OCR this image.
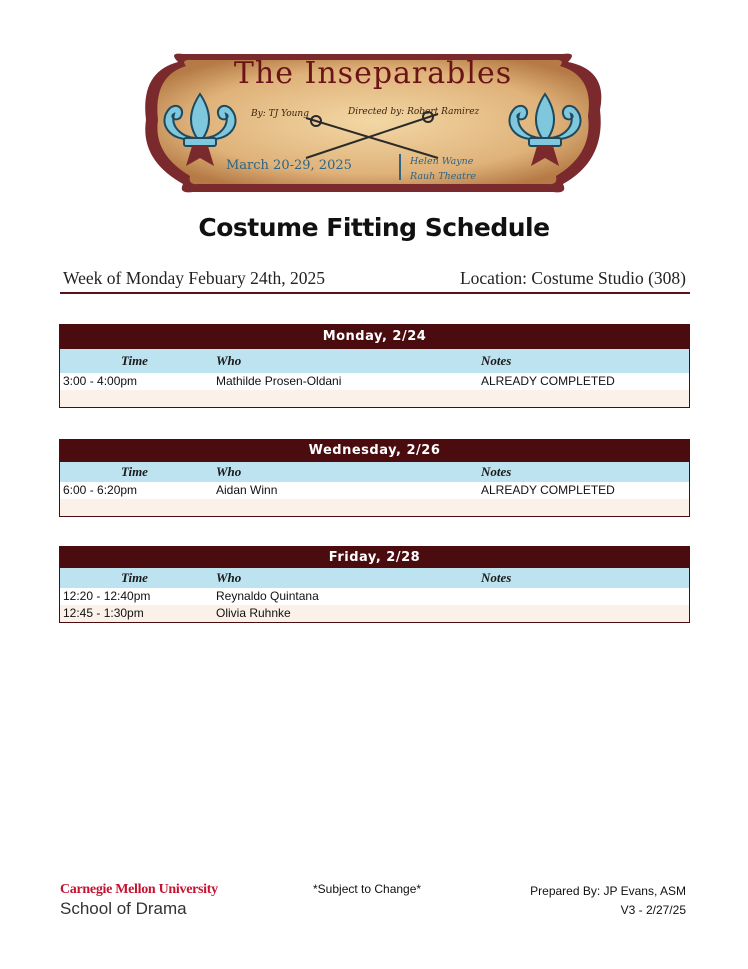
The Inseparables
By: TJ Young	Directed by: Robert Ramirez
March 20-29, 2025	Helen Wayne
Rauh Theatre
Costume Fitting Schedule
Week of Monday Febuary 24th, 2025	Location: Costume Studio (308)
Monday, 2/24
Time	Who	Notes
3:00 - 4:00pm	Mathilde Prosen-Oldani	ALREADY COMPLETED
Wednesday, 2/26
Time	Who	Notes
6:00 - 6:20pm	Aidan Winn	ALREADY COMPLETED
Friday, 2/28
Time	Who	Notes
12:20 - 12:40pm	Reynaldo Quintana
12:45 - 1:30pm	Olivia Ruhnke
Carnegie Mellon University
School of Drama
*Subject to Change*	Prepared By: JP Evans, ASM
V3 - 2/27/25
